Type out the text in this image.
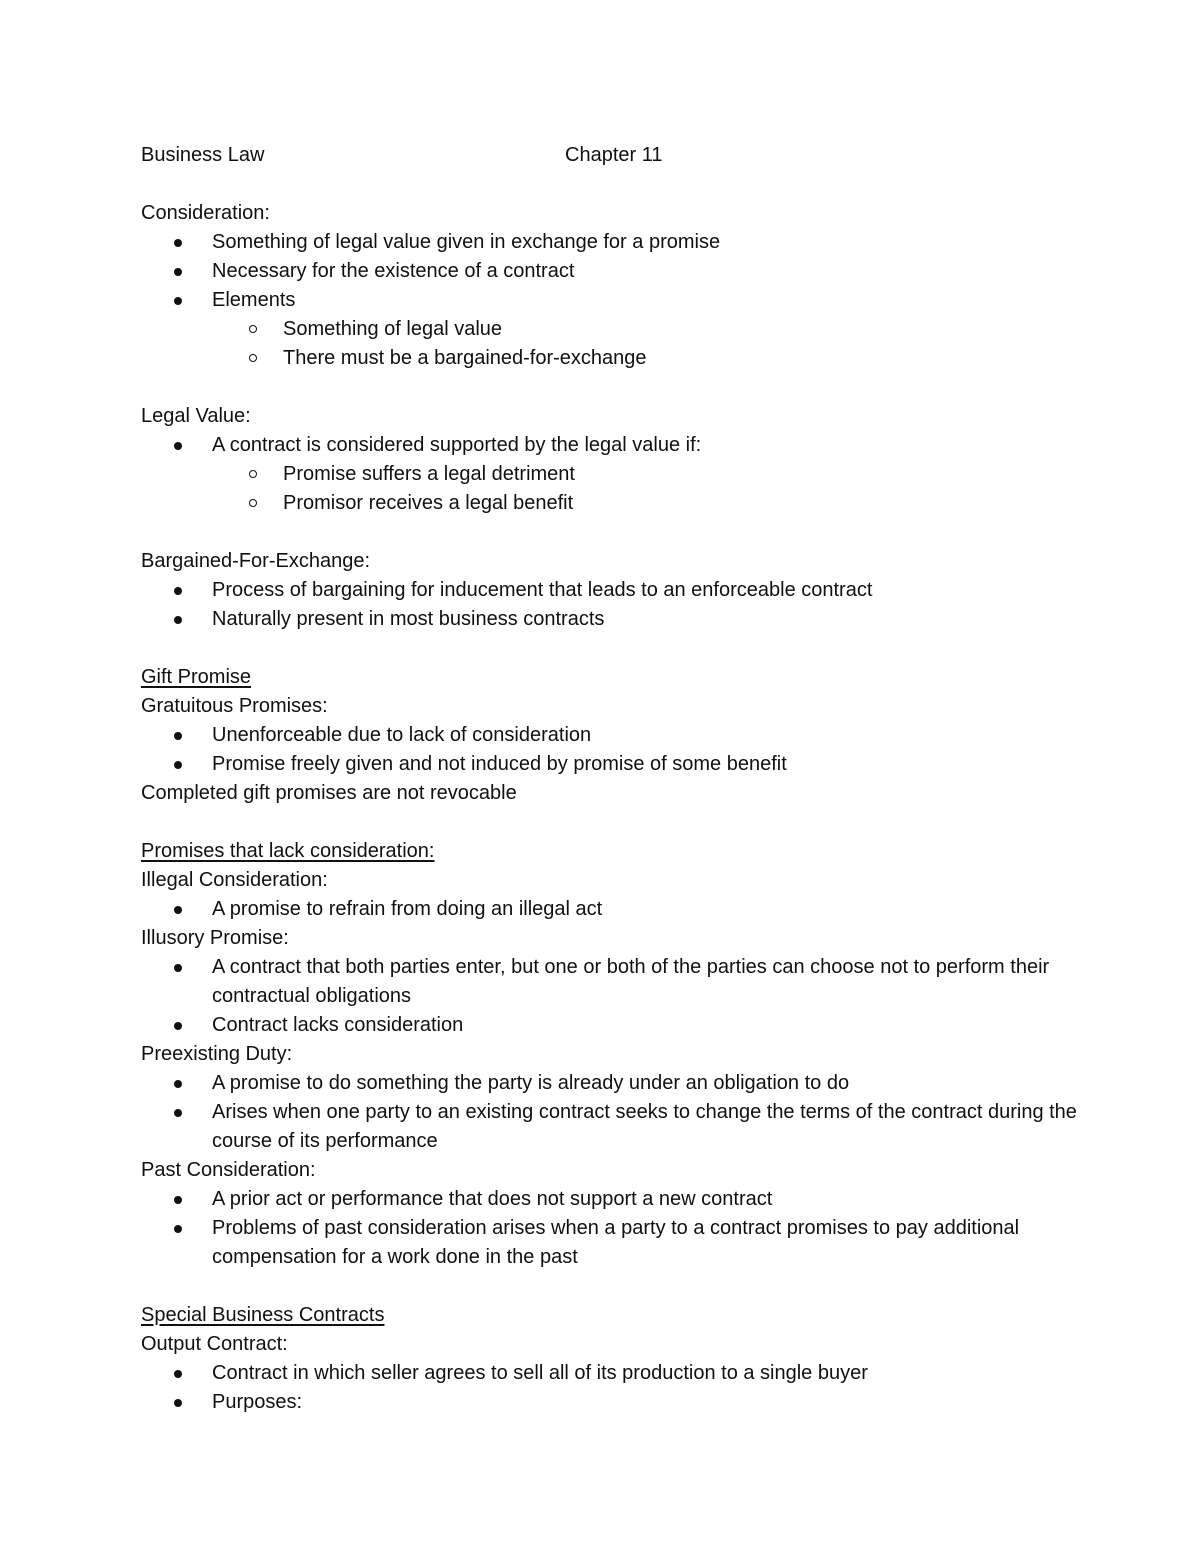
Business Law	Chapter 11
Consideration:
Something of legal value given in exchange for a promise
Necessary for the existence of a contract
Elements
Something of legal value
There must be a bargained-for-exchange
Legal Value:
A contract is considered supported by the legal value if:
Promise suffers a legal detriment
Promisor receives a legal benefit
Bargained-For-Exchange:
Process of bargaining for inducement that leads to an enforceable contract
Naturally present in most business contracts
Gift Promise
Gratuitous Promises:
Unenforceable due to lack of consideration
Promise freely given and not induced by promise of some benefit
Completed gift promises are not revocable
Promises that lack consideration:
Illegal Consideration:
A promise to refrain from doing an illegal act
Illusory Promise:
A contract that both parties enter, but one or both of the parties can choose not to perform their contractual obligations
Contract lacks consideration
Preexisting Duty:
A promise to do something the party is already under an obligation to do
Arises when one party to an existing contract seeks to change the terms of the contract during the course of its performance
Past Consideration:
A prior act or performance that does not support a new contract
Problems of past consideration arises when a party to a contract promises to pay additional compensation for a work done in the past
Special Business Contracts
Output Contract:
Contract in which seller agrees to sell all of its production to a single buyer
Purposes:
